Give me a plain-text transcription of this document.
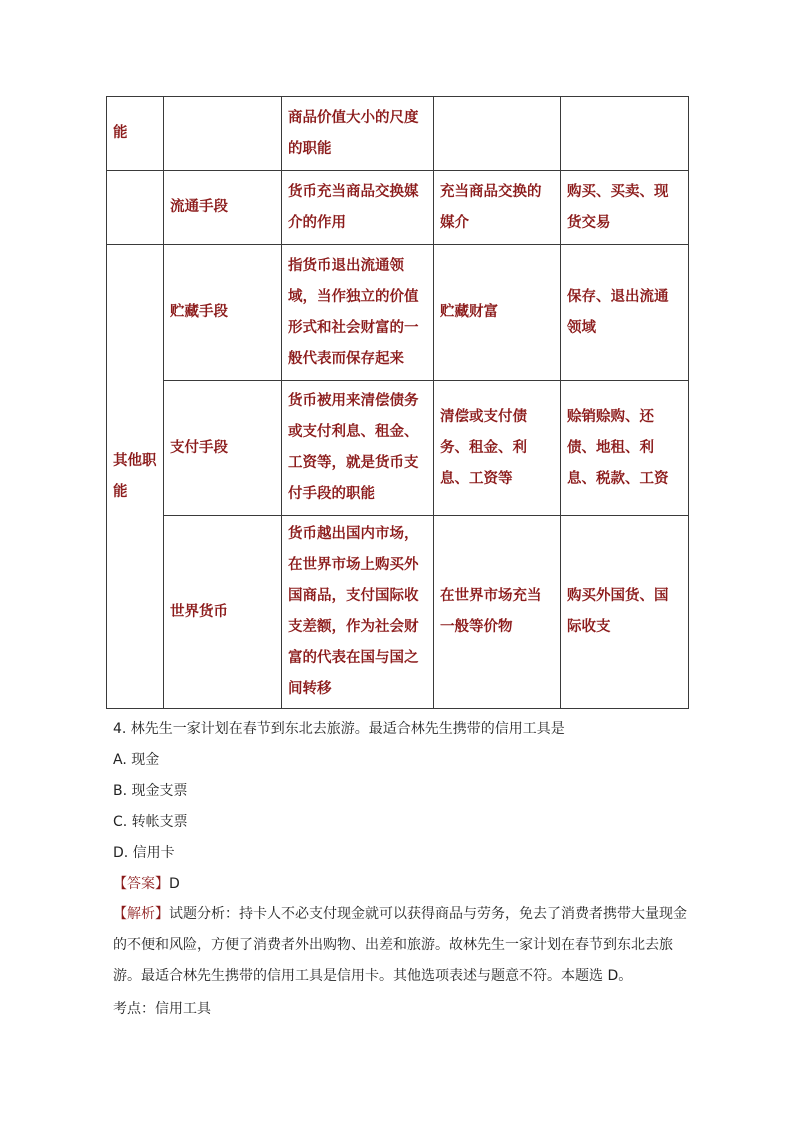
能		商品价值大小的尺度的职能		
	流通手段	货币充当商品交换媒介的作用	充当商品交换的媒介	购买、买卖、现货交易
其他职能	贮藏手段	指货币退出流通领域，当作独立的价值形式和社会财富的一般代表而保存起来	贮藏财富	保存、退出流通领域
	支付手段	货币被用来清偿债务或支付利息、租金、工资等，就是货币支付手段的职能	清偿或支付债务、租金、利息、工资等	赊销赊购、还债、地租、利息、税款、工资
	世界货币	货币越出国内市场，在世界市场上购买外国商品，支付国际收支差额，作为社会财富的代表在国与国之间转移	在世界市场充当一般等价物	购买外国货、国际收支
4. 林先生一家计划在春节到东北去旅游。最适合林先生携带的信用工具是
A. 现金
B. 现金支票
C. 转帐支票
D. 信用卡
【答案】D
【解析】试题分析：持卡人不必支付现金就可以获得商品与劳务，免去了消费者携带大量现金的不便和风险，方便了消费者外出购物、出差和旅游。故林先生一家计划在春节到东北去旅游。最适合林先生携带的信用工具是信用卡。其他选项表述与题意不符。本题选 D。
考点：信用工具
